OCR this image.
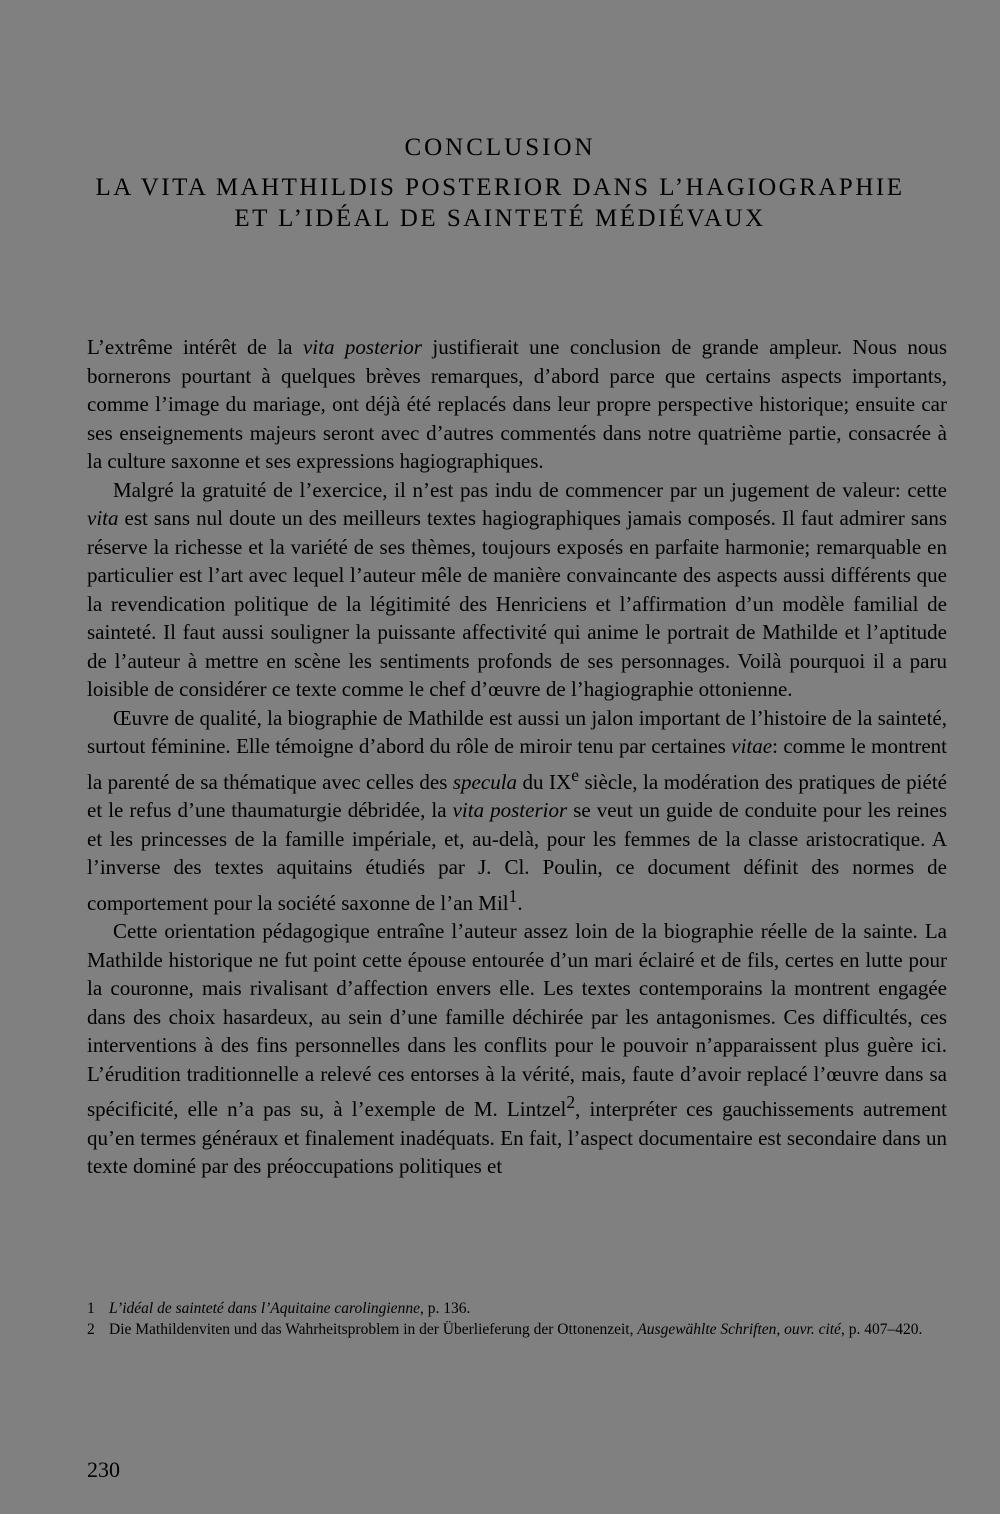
CONCLUSION
LA VITA MAHTHILDIS POSTERIOR DANS L’HAGIOGRAPHIE
ET L’IDÉAL DE SAINTETÉ MÉDIÉVAUX

L’extrême intérêt de la vita posterior justifierait une conclusion de grande ampleur. Nous nous bornerons pourtant à quelques brèves remarques, d’abord parce que certains aspects importants, comme l’image du mariage, ont déjà été replacés dans leur propre perspective historique; ensuite car ses enseignements majeurs seront avec d’autres commentés dans notre quatrième partie, consacrée à la culture saxonne et ses expressions hagiographiques.

Malgré la gratuité de l’exercice, il n’est pas indu de commencer par un jugement de valeur: cette vita est sans nul doute un des meilleurs textes hagiographiques jamais composés. Il faut admirer sans réserve la richesse et la variété de ses thèmes, toujours exposés en parfaite harmonie; remarquable en particulier est l’art avec lequel l’auteur mêle de manière convaincante des aspects aussi différents que la revendication politique de la légitimité des Henriciens et l’affirmation d’un modèle familial de sainteté. Il faut aussi souligner la puissante affectivité qui anime le portrait de Mathilde et l’aptitude de l’auteur à mettre en scène les sentiments profonds de ses personnages. Voilà pourquoi il a paru loisible de considérer ce texte comme le chef d’œuvre de l’hagiographie ottonienne.

Œuvre de qualité, la biographie de Mathilde est aussi un jalon important de l’histoire de la sainteté, surtout féminine. Elle témoigne d’abord du rôle de miroir tenu par certaines vitae: comme le montrent la parenté de sa thématique avec celles des specula du IXe siècle, la modération des pratiques de piété et le refus d’une thaumaturgie débridée, la vita posterior se veut un guide de conduite pour les reines et les princesses de la famille impériale, et, au-delà, pour les femmes de la classe aristocratique. A l’inverse des textes aquitains étudiés par J. Cl. Poulin, ce document définit des normes de comportement pour la société saxonne de l’an Mil$^1$.

Cette orientation pédagogique entraîne l’auteur assez loin de la biographie réelle de la sainte. La Mathilde historique ne fut point cette épouse entourée d’un mari éclairé et de fils, certes en lutte pour la couronne, mais rivalisant d’affection envers elle. Les textes contemporains la montrent engagée dans des choix hasardeux, au sein d’une famille déchirée par les antagonismes. Ces difficultés, ces interventions à des fins personnelles dans les conflits pour le pouvoir n’apparaissent plus guère ici. L’érudition traditionnelle a relevé ces entorses à la vérité, mais, faute d’avoir replacé l’œuvre dans sa spécificité, elle n’a pas su, à l’exemple de M. Lintzel$^2$, interpréter ces gauchissements autrement qu’en termes généraux et finalement inadéquats. En fait, l’aspect documentaire est secondaire dans un texte dominé par des préoccupations politiques et

1 L’idéal de sainteté dans l’Aquitaine carolingienne, p. 136.
2 Die Mathildenviten und das Wahrheitsproblem in der Überlieferung der Ottonenzeit, Ausgewählte Schriften, ouvr. cité, p. 407–420.
230
